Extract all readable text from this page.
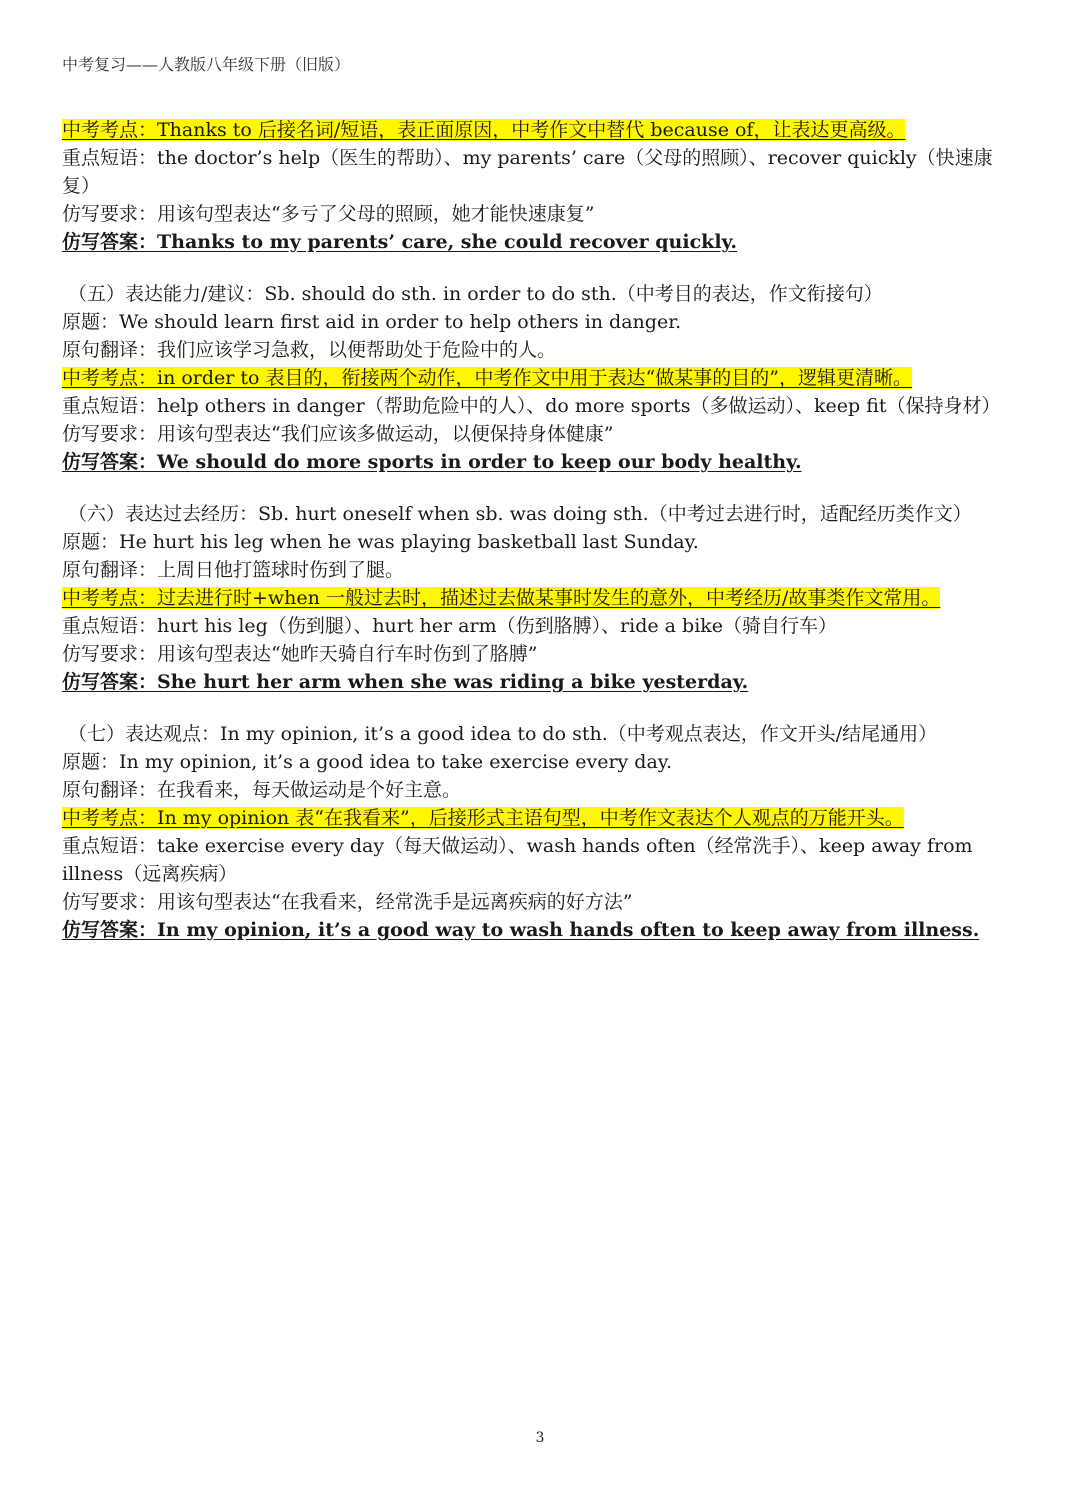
中考复习——人教版八年级下册（旧版）

中考考点：Thanks to 后接名词/短语，表正面原因，中考作文中替代 because of，让表达更高级。

重点短语：the doctor’s help（医生的帮助）、my parents’ care（父母的照顾）、recover quickly（快速康复）

仿写要求：用该句型表达“多亏了父母的照顾，她才能快速康复”

仿写答案：Thanks to my parents’ care, she could recover quickly.

（五）表达能力/建议：Sb. should do sth. in order to do sth.（中考目的表达，作文衔接句）

原题：We should learn first aid in order to help others in danger.

原句翻译：我们应该学习急救，以便帮助处于危险中的人。

中考考点：in order to 表目的，衔接两个动作，中考作文中用于表达“做某事的目的”，逻辑更清晰。

重点短语：help others in danger（帮助危险中的人）、do more sports（多做运动）、keep fit（保持身材）

仿写要求：用该句型表达“我们应该多做运动，以便保持身体健康”

仿写答案：We should do more sports in order to keep our body healthy.

（六）表达过去经历：Sb. hurt oneself when sb. was doing sth.（中考过去进行时，适配经历类作文）

原题：He hurt his leg when he was playing basketball last Sunday.

原句翻译：上周日他打篮球时伤到了腿。

中考考点：过去进行时+when 一般过去时，描述过去做某事时发生的意外，中考经历/故事类作文常用。

重点短语：hurt his leg（伤到腿）、hurt her arm（伤到胳膊）、ride a bike（骑自行车）

仿写要求：用该句型表达“她昨天骑自行车时伤到了胳膊”

仿写答案：She hurt her arm when she was riding a bike yesterday.

（七）表达观点：In my opinion, it’s a good idea to do sth.（中考观点表达，作文开头/结尾通用）

原题：In my opinion, it’s a good idea to take exercise every day.

原句翻译：在我看来，每天做运动是个好主意。

中考考点：In my opinion 表“在我看来”，后接形式主语句型，中考作文表达个人观点的万能开头。

重点短语：take exercise every day（每天做运动）、wash hands often（经常洗手）、keep away from illness（远离疾病）

仿写要求：用该句型表达“在我看来，经常洗手是远离疾病的好方法”

仿写答案：In my opinion, it’s a good way to wash hands often to keep away from illness.

3
